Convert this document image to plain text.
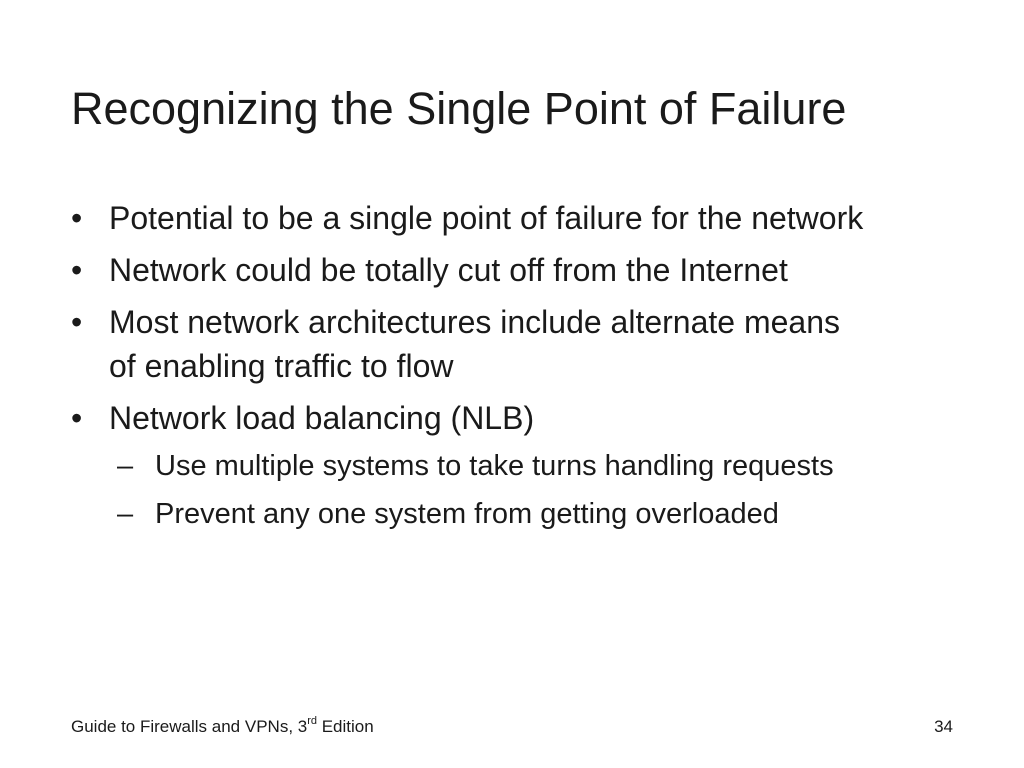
Recognizing the Single Point of Failure
• Potential to be a single point of failure for the network
• Network could be totally cut off from the Internet
• Most network architectures include alternate means of enabling traffic to flow
• Network load balancing (NLB)
– Use multiple systems to take turns handling requests
– Prevent any one system from getting overloaded
Guide to Firewalls and VPNs, 3rd Edition	34
